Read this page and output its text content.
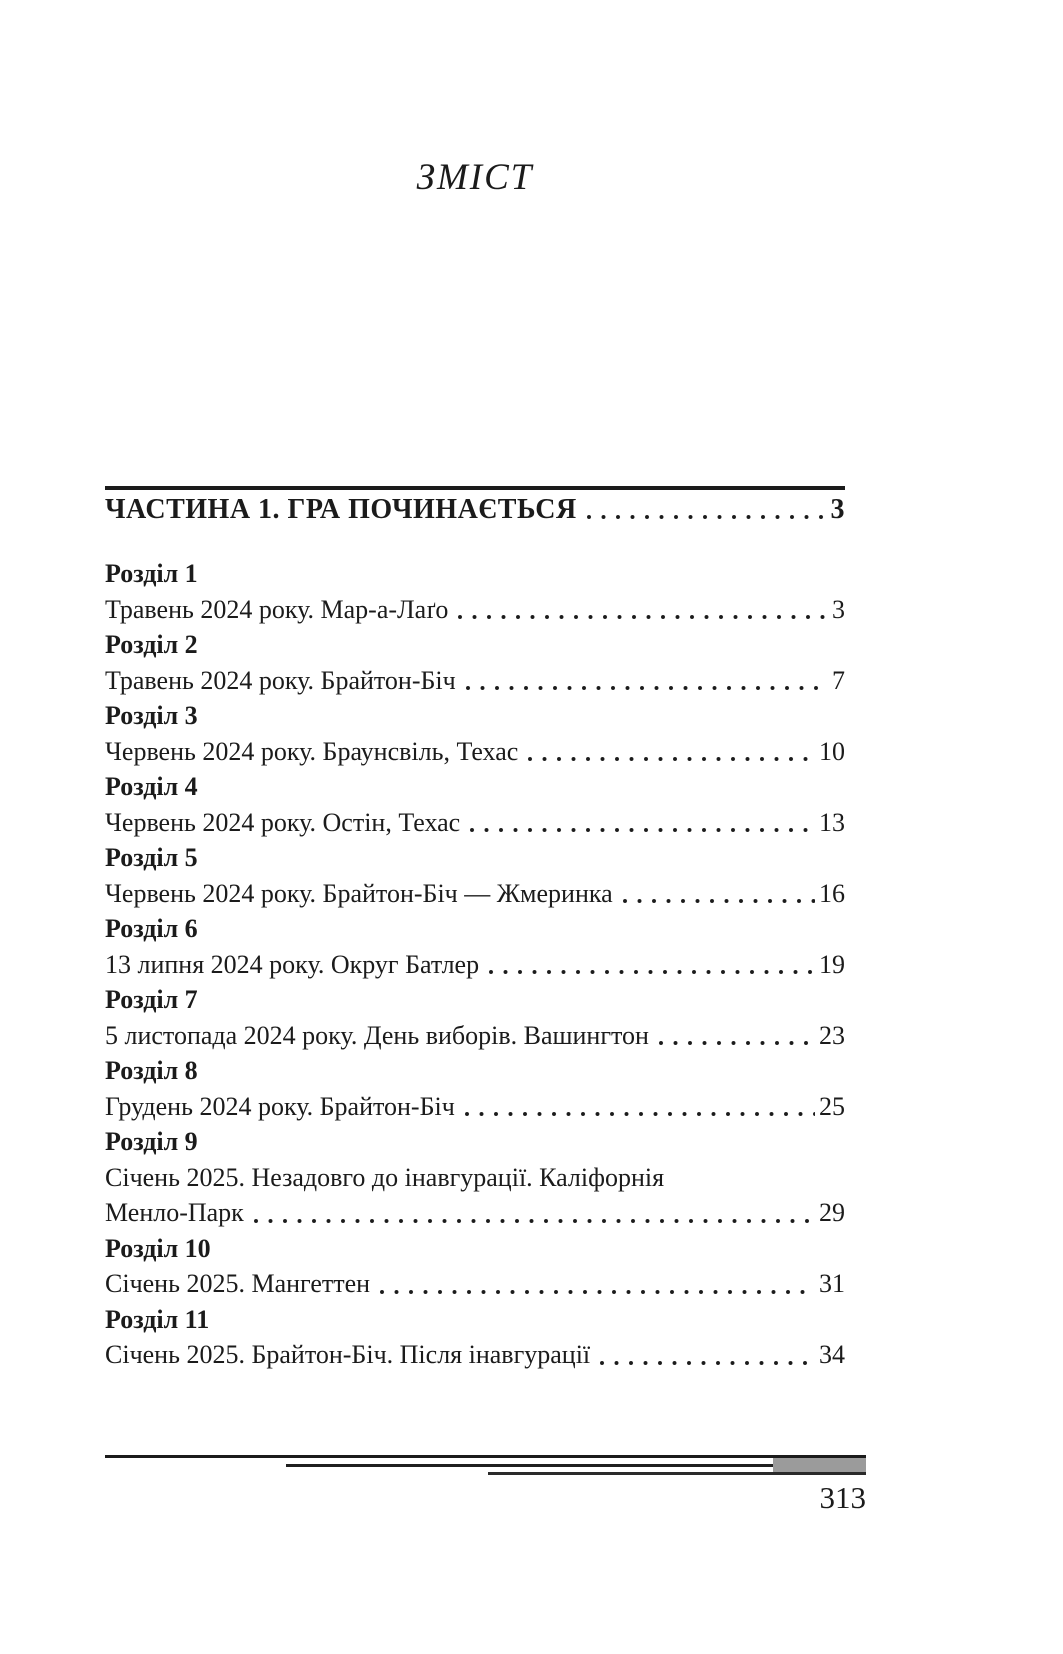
ЗМІСТ
ЧАСТИНА 1. ГРА ПОЧИНАЄТЬСЯ	3
Розділ 1
Травень 2024 року. Мар-а-Лаґо	3
Розділ 2
Травень 2024 року. Брайтон-Біч	7
Розділ 3
Червень 2024 року. Браунсвіль, Техас	10
Розділ 4
Червень 2024 року. Остін, Техас	13
Розділ 5
Червень 2024 року. Брайтон-Біч — Жмеринка	16
Розділ 6
13 липня 2024 року. Округ Батлер	19
Розділ 7
5 листопада 2024 року. День виборів. Вашингтон	23
Розділ 8
Грудень 2024 року. Брайтон-Біч	25
Розділ 9
Січень 2025. Незадовго до інавгурації. Каліфорнія
Менло-Парк	29
Розділ 10
Січень 2025. Мангеттен	31
Розділ 11
Січень 2025. Брайтон-Біч. Після інавгурації	34
313
